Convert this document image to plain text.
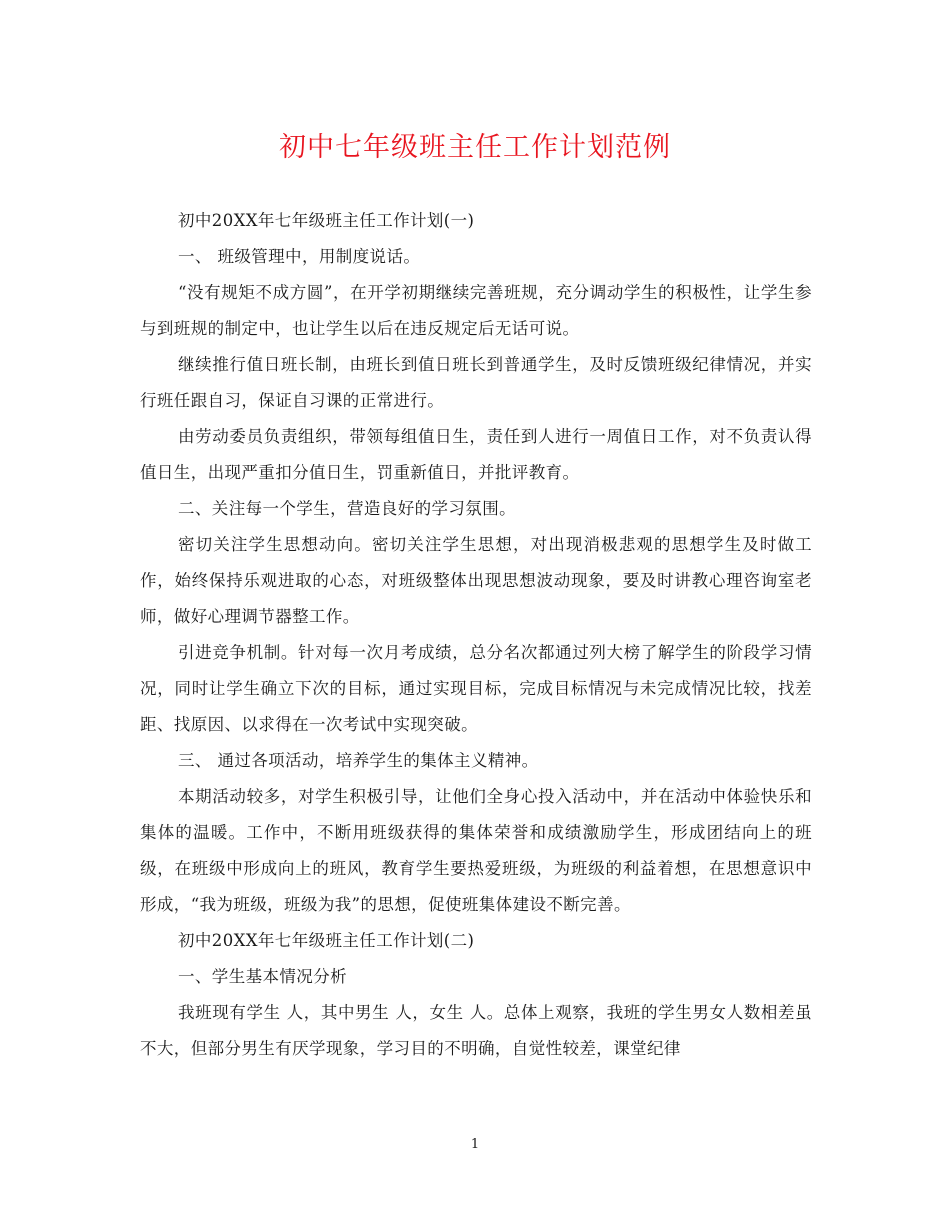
初中七年级班主任工作计划范例

初中20XX年七年级班主任工作计划(一)

一、 班级管理中，用制度说话。

“没有规矩不成方圆”，在开学初期继续完善班规，充分调动学生的积极性，让学生参与到班规的制定中，也让学生以后在违反规定后无话可说。

继续推行值日班长制，由班长到值日班长到普通学生，及时反馈班级纪律情况，并实行班任跟自习，保证自习课的正常进行。

由劳动委员负责组织，带领每组值日生，责任到人进行一周值日工作，对不负责认得值日生，出现严重扣分值日生，罚重新值日，并批评教育。

二、关注每一个学生，营造良好的学习氛围。

密切关注学生思想动向。密切关注学生思想，对出现消极悲观的思想学生及时做工作，始终保持乐观进取的心态，对班级整体出现思想波动现象，要及时讲教心理咨询室老师，做好心理调节器整工作。

引进竞争机制。针对每一次月考成绩，总分名次都通过列大榜了解学生的阶段学习情况，同时让学生确立下次的目标，通过实现目标，完成目标情况与未完成情况比较，找差距、找原因、以求得在一次考试中实现突破。

三、 通过各项活动，培养学生的集体主义精神。

本期活动较多，对学生积极引导，让他们全身心投入活动中，并在活动中体验快乐和集体的温暖。工作中，不断用班级获得的集体荣誉和成绩激励学生，形成团结向上的班级，在班级中形成向上的班风，教育学生要热爱班级，为班级的利益着想，在思想意识中形成，“我为班级，班级为我”的思想，促使班集体建设不断完善。

初中20XX年七年级班主任工作计划(二)

一、学生基本情况分析

我班现有学生 人，其中男生 人，女生 人。总体上观察，我班的学生男女人数相差虽不大，但部分男生有厌学现象，学习目的不明确，自觉性较差，课堂纪律

1
